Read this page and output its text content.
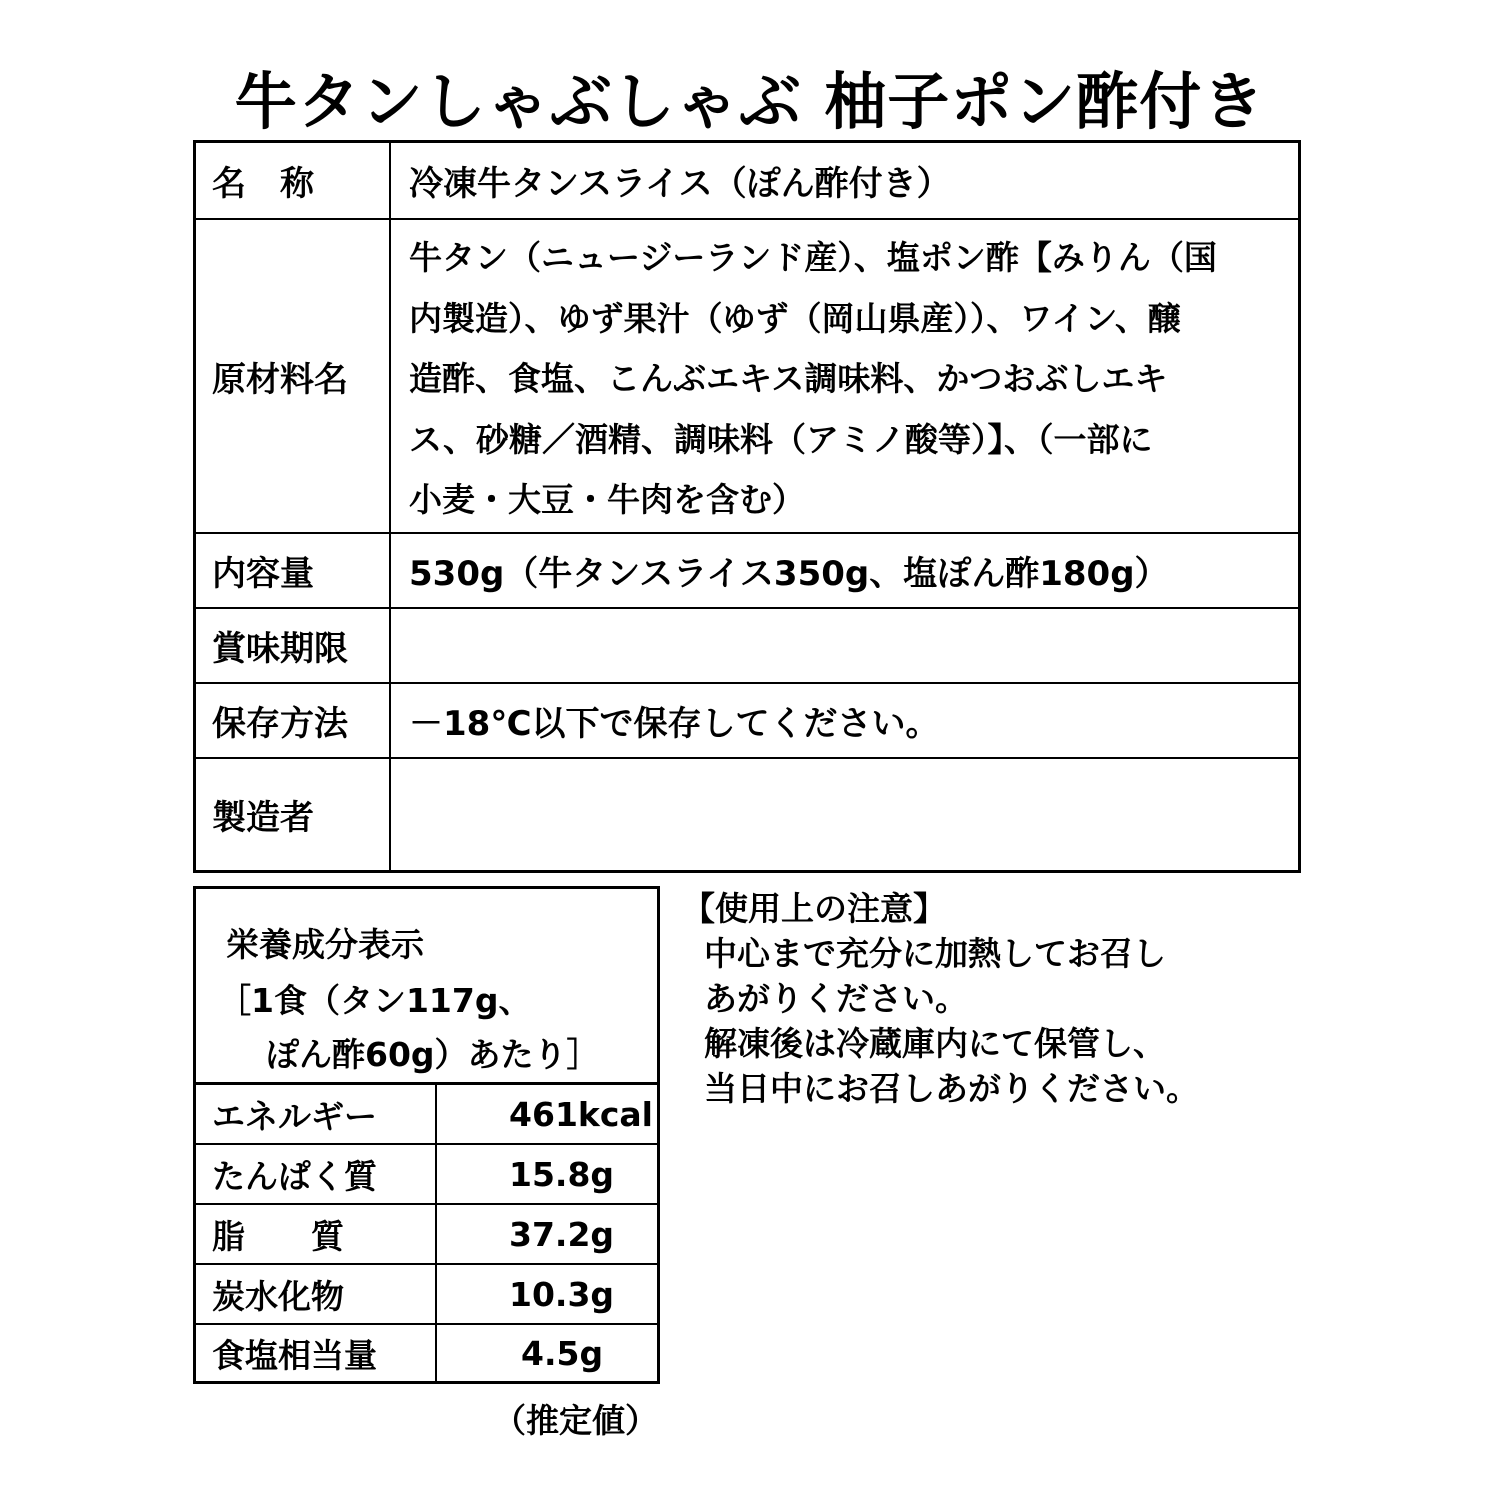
牛タンしゃぶしゃぶ 柚子ポン酢付き
名　称	冷凍牛タンスライス（ぽん酢付き）
原材料名
牛タン（ニュージーランド産）、塩ポン酢【みりん（国
内製造）、ゆず果汁（ゆず（岡山県産））、ワイン、醸
造酢、食塩、こんぶエキス調味料、かつおぶしエキ
ス、砂糖／酒精、調味料（アミノ酸等）】、（一部に
小麦・大豆・牛肉を含む）
内容量	530g（牛タンスライス350g、塩ぽん酢180g）
賞味期限
保存方法	－18℃以下で保存してください。
製造者
栄養成分表示
［1食（タン117g、
ぽん酢60g）あたり］
エネルギー	461kcal
たんぱく質	15.8g
脂　　質	37.2g
炭水化物	10.3g
食塩相当量	4.5g
（推定値）
【使用上の注意】
中心まで充分に加熱してお召し
あがりください。
解凍後は冷蔵庫内にて保管し、
当日中にお召しあがりください。
